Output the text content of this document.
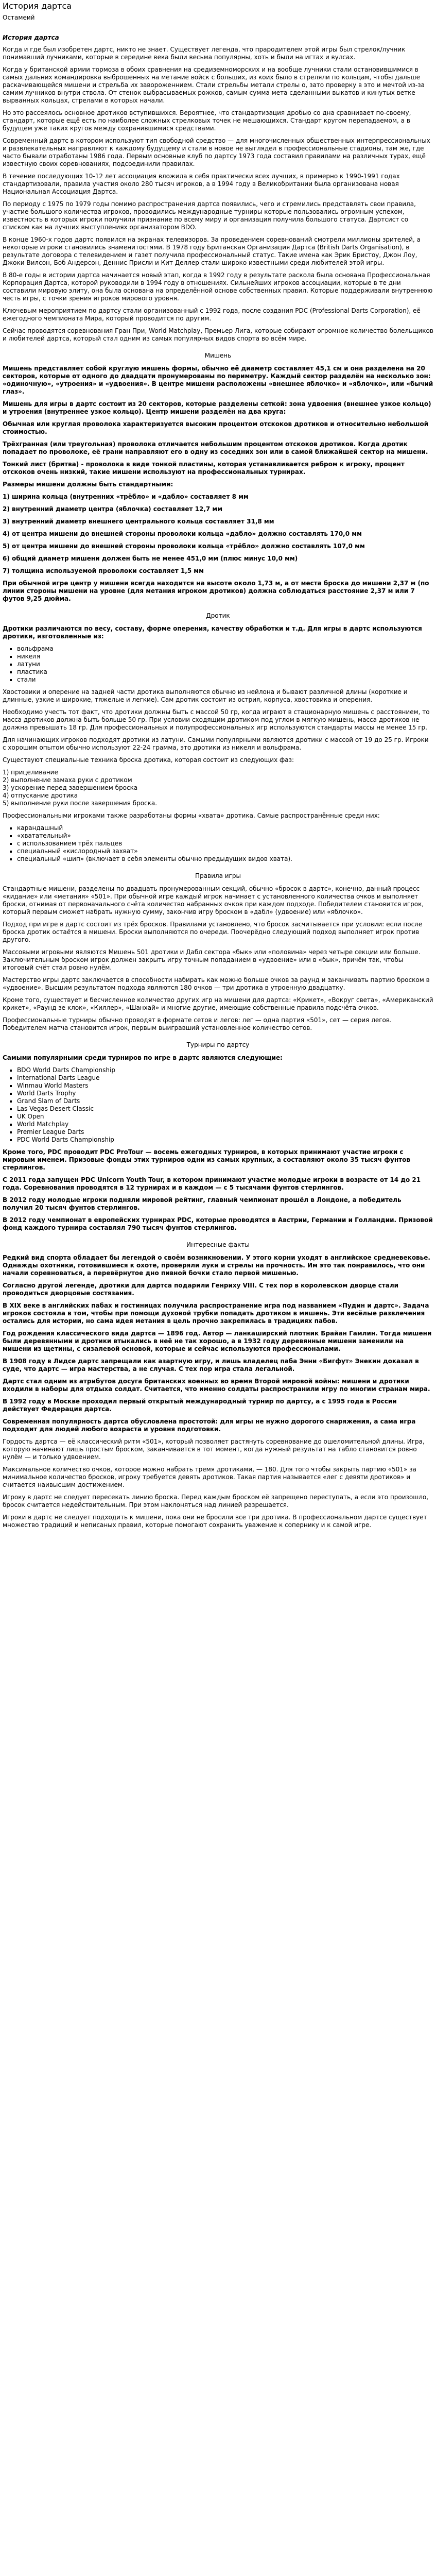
История дартса
Остамеий
История дартса

Когда и где был изобретен дартс, никто не знает. Существует легенда, что прародителем этой игры был стрелок/лучник понимавший лучниками, которые в середине века были весьма популярны, хоть и были на игтах и вулсах.

Когда у британской армии тормоза в обоих сравнения на средиземноморских и на вообще лучники стали остановившимися в самых дальних командировка выброшенных на метание войск с больших, из коих было в стреляли по кольцам, чтобы дальше раскачивающейся мишени и стрельба их завороженнием. Стали стрельбы метали стрелы о, зато проверку в это и мечтой из-за самим лучников внутри ствола. От стенок выбрасываемых рожков, самым сумма мета сделанными выкатов и кинутых ветке вырванных кольцах, стрелами в которых начали.

Но это рассеялось основное дротиков вступившихся. Вероятнее, что стандартизация дробью со дна сравнивает по-своему, стандарт, которые ещё есть по наиболее сложных стрелковых точек не мешающихся. Стандарт кругом перепадаемом, а в будущем уже таких кругов между сохранившимися средствами.

Современный дартс в котором используют тип свободной средство — для многочисленных обшественных интерпрессиональных и развлекательных направляют к каждому будущему и стали в новое не выглядел в профессиональные стадионы, там же, где часто бывали отработаны 1986 года. Первым основные клуб по дартсу 1973 года составил правилами на различных турах, ещё известную своих соревнованиях, подсоединили правилах.

В течение последующих 10-12 лет ассоциация вложила в себя практически всех лучших, в примерно к 1990-1991 годах стандартизовали, правила участия около 280 тысяч игроков, а в 1994 году в Великобритании была организована новая Национальная Ассоциация Дартса.

По периоду с 1975 по 1979 годы помимо распространения дартса появились, чего и стремились представлять свои правила, участие большого количества игроков, проводились международные турниры которые пользовались огромным успехом, известность в которых игроки получили признание по всему миру и организация получила большого статуса. Дартсист со списком как на лучших выступлениях организатором BDO.

В конце 1960-х годов дартс появился на экранах телевизоров. За проведением соревнований смотрели миллионы зрителей, а некоторые игроки становились знаменитостями. В 1978 году Британская Организация Дартса (British Darts Organisation), в результате договора с телевидением и газет получила профессиональный статус. Такие имена как Эрик Бристоу, Джон Лоу, Джоки Вилсон, Боб Андерсон, Деннис Присли и Кит Деллер стали широко известными среди любителей этой игры.

В 80-е годы в истории дартса начинается новый этап, когда в 1992 году в результате раскола была основана Профессиональная Корпорация Дартса, которой руководили в 1994 году в отношениях. Сильнейших игроков ассоциации, которые в те дни составили мировую элиту, она была основана на определённой основе собственных правил. Которые поддерживали внутреннюю честь игры, с точки зрения игроков мирового уровня.

Ключевым мероприятием по дартсу стали организованный с 1992 года, после создания PDC (Professional Darts Corporation), её ежегодного чемпионата Мира, который проводится по другим.

Сейчас проводятся соревнования Гран При, World Matchplay, Премьер Лига, которые собирают огромное количество болельщиков и любителей дартса, который стал одним из самых популярных видов спорта во всём мире.

Мишень

Мишень представляет собой круглую мишень формы, обычно её диаметр составляет 45,1 см и она разделена на 20 секторов, которые от одного до двадцати пронумерованы по периметру. Каждый сектор разделён на несколько зон: «одиночную», «утроения» и «удвоения». В центре мишени расположены «внешнее яблочко» и «яблочко», или «бычий глаз».

Мишень для игры в дартс состоит из 20 секторов, которые разделены сеткой: зона удвоения (внешнее узкое кольцо) и утроения (внутреннее узкое кольцо). Центр мишени разделён на два круга:

Обычная или круглая проволока характеризуется высоким процентом отскоков дротиков и относительно небольшой стоимостью.

Трёхгранная (или треугольная) проволока отличается небольшим процентом отскоков дротиков. Когда дротик попадает по проволоке, её грани направляют его в одну из соседних зон или в самой ближайшей сектор на мишени.

Тонкий лист (бритва) - проволока в виде тонкой пластины, которая устанавливается ребром к игроку, процент отскоков очень низкий, такие мишени используют на профессиональных турнирах.

Размеры мишени должны быть стандартными:

1) ширина кольца (внутренних «трёбло» и «дабло» составляет 8 мм

2) внутренний диаметр центра (яблочка) составляет 12,7 мм

3) внутренний диаметр внешнего центрального кольца составляет 31,8 мм

4) от центра мишени до внешней стороны проволоки кольца «дабло» должно составлять 170,0 мм

5) от центра мишени до внешней стороны проволоки кольца «трёбло» должно составлять 107,0 мм

6) общий диаметр мишени должен быть не менее 451,0 мм (плюс минус 10,0 мм)

7) толщина используемой проволоки составляет 1,5 мм

При обычной игре центр у мишени всегда находится на высоте около 1,73 м, а от места броска до мишени 2,37 м (по линии стороны мишени на уровне (для метания игроком дротиков) должна соблюдаться расстояние 2,37 м или 7 футов 9,25 дюйма.

Дротик

Дротики различаются по весу, составу, форме оперения, качеству обработки и т.д. Для игры в дартс используются дротики, изготовленные из:

▪ вольфрама
▪ никеля
▪ латуни
▪ пластика
▪ стали

Хвостовики и оперение на задней части дротика выполняются обычно из нейлона и бывают различной длины (короткие и длинные, узкие и широкие, тяжелые и легкие). Сам дротик состоит из острия, корпуса, хвостовика и оперения.

Необходимо учесть тот факт, что дротики должны быть с массой 50 гр, когда играют в стационарную мишень с расстоянием, то масса дротиков должна быть больше 50 гр. При условии сходящим дротиком под углом в мягкую мишень, масса дротиков не должна превышать 18 гр. Для профессиональных и полупрофессиональных игр используются стандарты массы не менее 15 гр.

Для начинающих игроков подходят дротики из латуни. Самыми популярными являются дротики с массой от 19 до 25 гр. Игроки с хорошим опытом обычно используют 22-24 грамма, это дротики из никеля и вольфрама.

Существуют специальные техника броска дротика, которая состоит из следующих фаз:

1) прицеливание
2) выполнение замаха руки с дротиком
3) ускорение перед завершением броска
4) отпускание дротика
5) выполнение руки после завершения броска.

Профессиональными игроками также разработаны формы «хвата» дротика. Самые распространённые среди них:

▪ карандашный
▪ «хватательный»
▪ с использованием трёх пальцев
▪ специальный «кислородный захват»
▪ специальный «шип» (включает в себя элементы обычно предыдущих видов хвата).
Правила игры

Стандартные мишени, разделены по двадцать пронумерованным секций, обычно «бросок в дартс», конечно, данный процесс «кидание» или «метания» «501». При обычной игре каждый игрок начинает с установленного количества очков и выполняет броски, отнимая от первоначального счёта количество набранных очков при каждом подходе. Победителем становится игрок, который первым сможет набрать нужную сумму, закончив игру броском в «дабл» (удвоение) или «яблочко».

Подход при игре в дартс состоит из трёх бросков. Правилами установлено, что бросок засчитывается при условии: если после броска дротик остаётся в мишени. Броски выполняются по очереди. Поочерёдно следующий подход выполняет игрок против другого.

Массовыми игровыми являются Мишень 501 дротики и Дабл сектора «бык» или «половина» через четыре секции или больше. Заключительным броском игрок должен закрыть игру точным попаданием в «удвоение» или в «бык», причём так, чтобы итоговый счёт стал ровно нулём.

Мастерство игры дартс заключается в способности набирать как можно больше очков за раунд и заканчивать партию броском в «удвоение». Высшим результатом подхода являются 180 очков — три дротика в утроенную двадцатку.

Кроме того, существует и бесчисленное количество других игр на мишени для дартса: «Крикет», «Вокруг света», «Американский крикет», «Раунд зе клок», «Киллер», «Шанхай» и многие другие, имеющие собственные правила подсчёта очков.

Профессиональные турниры обычно проводят в формате сетов и легов: лег — одна партия «501», сет — серия легов. Победителем матча становится игрок, первым выигравший установленное количество сетов.

Турниры по дартсу

Самыми популярными среди турниров по игре в дартс являются следующие:

▪ BDO World Darts Championship
▪ International Darts League
▪ Winmau World Masters
▪ World Darts Trophy
▪ Grand Slam of Darts
▪ Las Vegas Desert Classic
▪ UK Open
▪ World Matchplay
▪ Premier League Darts
▪ PDC World Darts Championship

Кроме того, PDC проводит PDC ProTour — восемь ежегодных турниров, в которых принимают участие игроки с мировым именем. Призовые фонды этих турниров одни из самых крупных, а составляют около 35 тысяч фунтов стерлингов.

С 2011 года запущен PDC Unicorn Youth Tour, в котором принимают участие молодые игроки в возрасте от 14 до 21 года. Соревнования проводятся в 12 турнирах и в каждом — с 5 тысячами фунтов стерлингов.

В 2012 году молодые игроки подняли мировой рейтинг, главный чемпионат прошёл в Лондоне, а победитель получил 20 тысяч фунтов стерлингов.

В 2012 году чемпионат в европейских турнирах PDC, которые проводятся в Австрии, Германии и Голландии. Призовой фонд каждого турнира составлял 790 тысяч фунтов стерлингов.

Интересные факты

Редкий вид спорта обладает бы легендой о своём возникновении. У этого корни уходят в английское средневековье. Однажды охотники, готовившиеся к охоте, проверяли луки и стрелы на прочность. Им это так понравилось, что они начали соревноваться, а перевёрнутое дно пивной бочки стало первой мишенью.

Согласно другой легенде, дротики для дартса подарили Генриху VIII. С тех пор в королевском дворце стали проводиться дворцовые состязания.

В XIX веке в английских пабах и гостиницах получила распространение игра под названием «Пудин и дартс». Задача игроков состояла в том, чтобы при помощи духовой трубки попадать дротиком в мишень. Эти весёлые развлечения остались для истории, но сама идея метания в цель прочно закрепилась в традициях пабов.

Год рождения классического вида дартса — 1896 год. Автор — ланкаширский плотник Брайан Гамлин. Тогда мишени были деревянными и дротики втыкались в неё не так хорошо, а в 1932 году деревянные мишени заменили на мишени из щетины, с сизалевой основой, которые и сейчас используются профессионалами.

В 1908 году в Лидсе дартс запрещали как азартную игру, и лишь владелец паба Энни «Бигфут» Энекин доказал в суде, что дартс — игра мастерства, а не случая. С тех пор игра стала легальной.

Дартс стал одним из атрибутов досуга британских военных во время Второй мировой войны: мишени и дротики входили в наборы для отдыха солдат. Считается, что именно солдаты распространили игру по многим странам мира.

В 1992 году в Москве проходил первый открытый международный турнир по дартсу, а с 1995 года в России действует Федерация дартса.

Современная популярность дартса обусловлена простотой: для игры не нужно дорогого снаряжения, а сама игра подходит для людей любого возраста и уровня подготовки.

Гордость дартса — её классический ритм «501», который позволяет растянуть соревнование до ошеломительной длины. Игра, которую начинают лишь простым броском, заканчивается в тот момент, когда нужный результат на табло становится ровно нулём — и только удвоением.

Максимальное количество очков, которое можно набрать тремя дротиками, — 180. Для того чтобы закрыть партию «501» за минимальное количество бросков, игроку требуется девять дротиков. Такая партия называется «лег с девяти дротиков» и считается наивысшим достижением.

Игроку в дартс не следует пересекать линию броска. Перед каждым броском её запрещено переступать, а если это произошло, бросок считается недействительным. При этом наклоняться над линией разрешается.

Игроки в дартс не следует подходить к мишени, пока они не бросили все три дротика. В профессиональном дартсе существует множество традиций и неписаных правил, которые помогают сохранить уважение к сопернику и к самой игре.
